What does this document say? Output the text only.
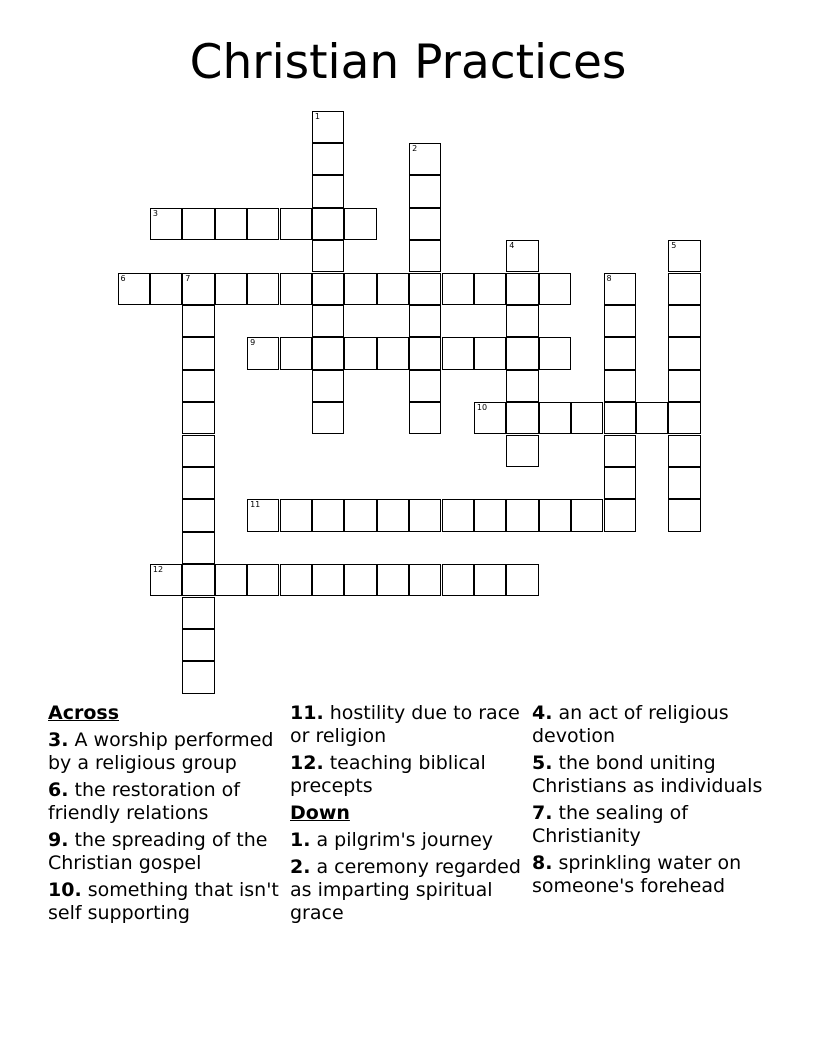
Christian Practices
1
2
3
4	5
6	7	8
9
10
11
12
Across
3. A worship performed by a religious group
6. the restoration of friendly relations
9. the spreading of the Christian gospel
10. something that isn't self supporting
11. hostility due to race or religion
12. teaching biblical precepts
Down
1. a pilgrim's journey
2. a ceremony regarded as imparting spiritual grace
4. an act of religious devotion
5. the bond uniting Christians as individuals
7. the sealing of Christianity
8. sprinkling water on someone's forehead
